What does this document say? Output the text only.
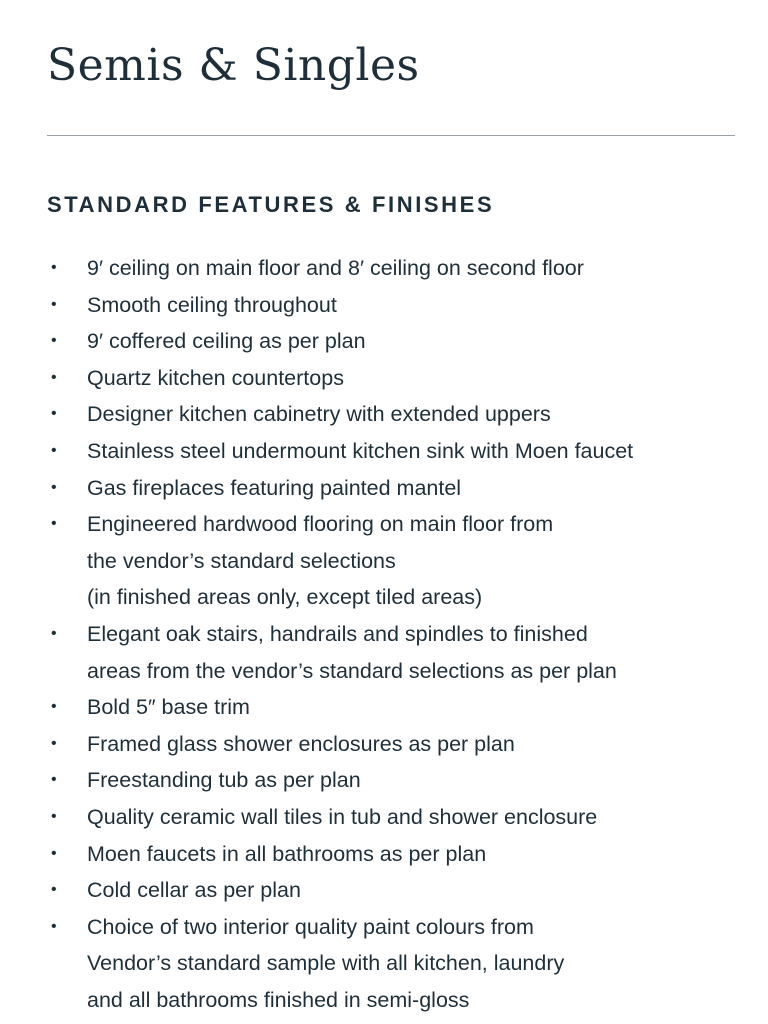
Semis & Singles
STANDARD FEATURES & FINISHES
• 9′ ceiling on main floor and 8′ ceiling on second floor
• Smooth ceiling throughout
• 9′ coffered ceiling as per plan
• Quartz kitchen countertops
• Designer kitchen cabinetry with extended uppers
• Stainless steel undermount kitchen sink with Moen faucet
• Gas fireplaces featuring painted mantel
• Engineered hardwood flooring on main floor from
the vendor’s standard selections
(in finished areas only, except tiled areas)
• Elegant oak stairs, handrails and spindles to finished
areas from the vendor’s standard selections as per plan
• Bold 5″ base trim
• Framed glass shower enclosures as per plan
• Freestanding tub as per plan
• Quality ceramic wall tiles in tub and shower enclosure
• Moen faucets in all bathrooms as per plan
• Cold cellar as per plan
• Choice of two interior quality paint colours from
Vendor’s standard sample with all kitchen, laundry
and all bathrooms finished in semi-gloss
